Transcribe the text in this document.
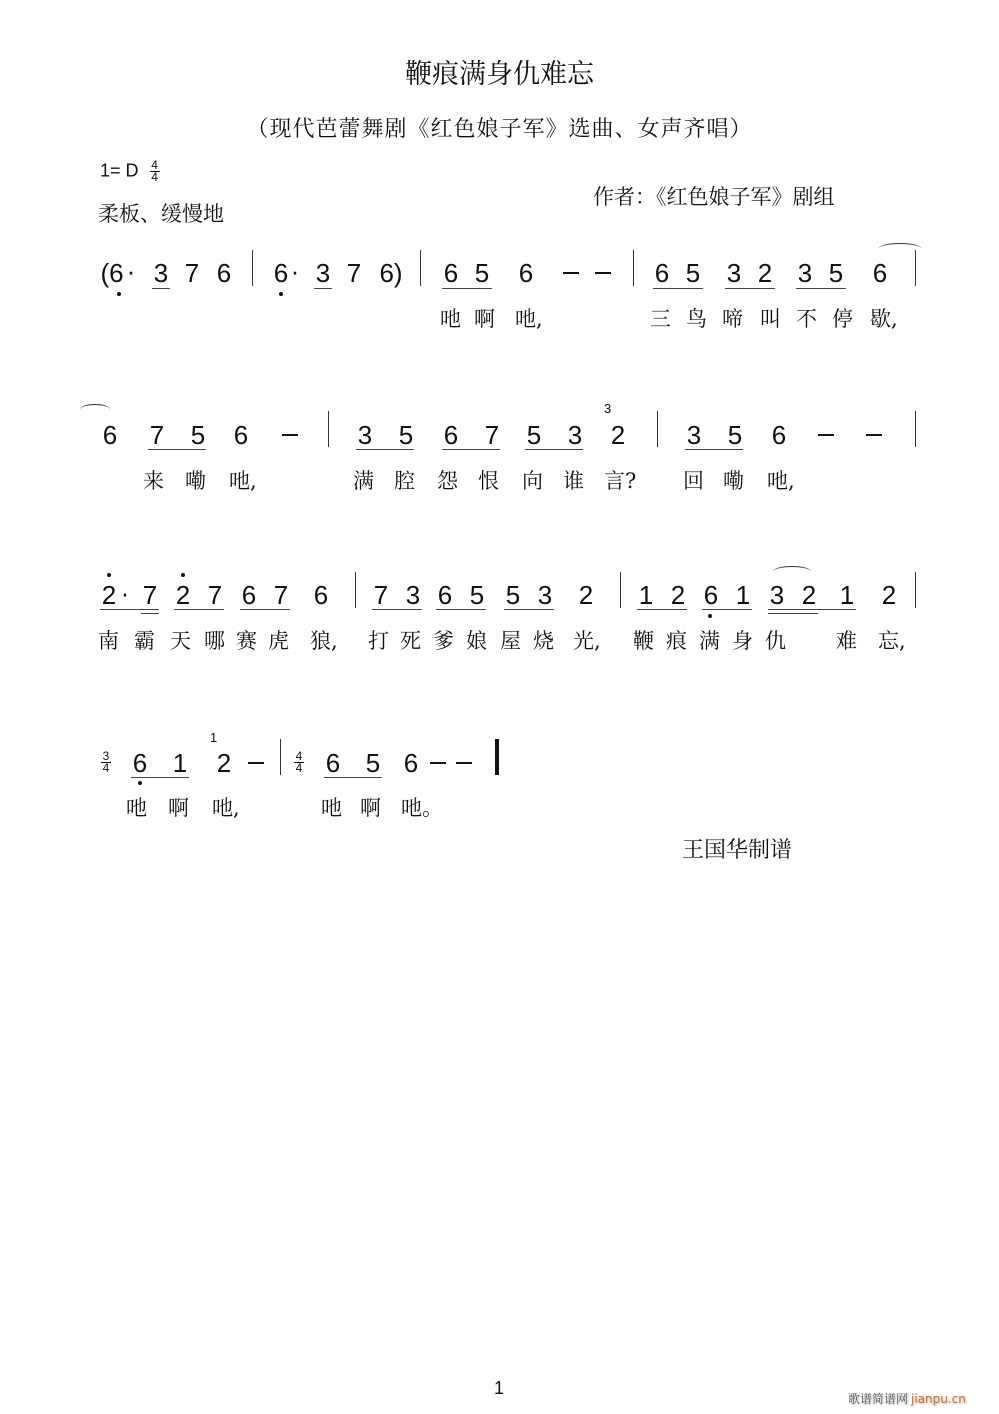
鞭痕满身仇难忘
（现代芭蕾舞剧《红色娘子军》选曲、女声齐唱）
1= D $\frac{4}{4}$
柔板、缓慢地
作者：《红色娘子军》剧组
(6 · 3 7 6 6 · 3 7 6) 6 5 6	6 5 3 2 3 5 6
吔 啊 吔,	三 鸟 啼 叫 不 停 歇,
6 7 5 6	3 5 6 7 5 3
3
2 3 5 6
来 嘞 吔,	满 腔 怨 恨 向 谁 言? 回 嘞 吔,
2 · 7 2 7 6 7 6 7 3 6 5 5 3 2 1 2 6 1 3 2 1 2
南 霸 天 哪 赛 虎 狼, 打 死 爹 娘 屋 烧 光, 鞭 痕 满 身 仇 难 忘,
3
4 6 1
1
2	4
4 6 5 6
吔 啊 吔,	吔 啊 吔。
王国华制谱
1
歌谱简谱网 jianpu.cn
